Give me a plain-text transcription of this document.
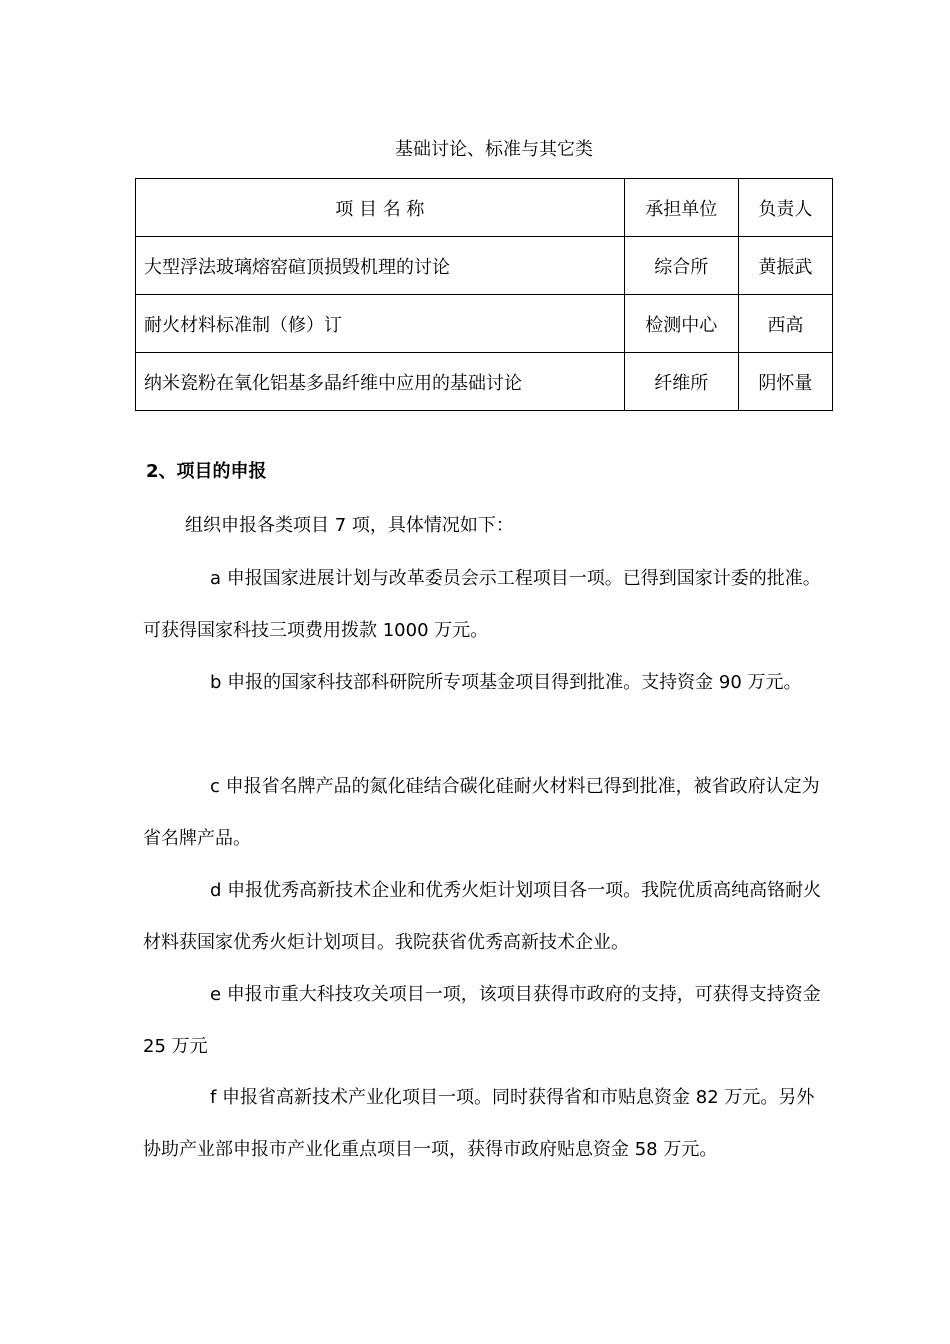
基础讨论、标准与其它类
项 目 名 称	承担单位	负责人
大型浮法玻璃熔窑碹顶损毁机理的讨论	综合所	黄振武
耐火材料标准制（修）订	检测中心	西高
纳米瓷粉在氧化铝基多晶纤维中应用的基础讨论	纤维所	阴怀量
2、项目的申报
组织申报各类项目 7 项，具体情况如下：
a 申报国家进展计划与改革委员会示工程项目一项。已得到国家计委的批准。可获得国家科技三项费用拨款 1000 万元。
b 申报的国家科技部科研院所专项基金项目得到批准。支持资金 90 万元。
c 申报省名牌产品的氮化硅结合碳化硅耐火材料已得到批准，被省政府认定为省名牌产品。
d 申报优秀高新技术企业和优秀火炬计划项目各一项。我院优质高纯高铬耐火材料获国家优秀火炬计划项目。我院获省优秀高新技术企业。
e 申报市重大科技攻关项目一项，该项目获得市政府的支持，可获得支持资金 25 万元
f 申报省高新技术产业化项目一项。同时获得省和市贴息资金 82 万元。另外协助产业部申报市产业化重点项目一项，获得市政府贴息资金 58 万元。
